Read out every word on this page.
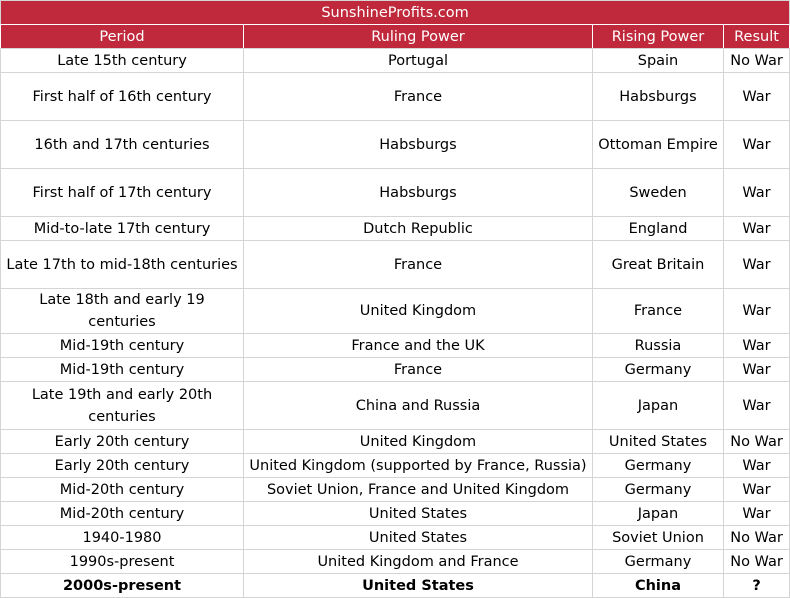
SunshineProfits.com			
Period	Ruling Power	Rising Power	Result
Late 15th century	Portugal	Spain	No War
First half of 16th century	France	Habsburgs	War
16th and 17th centuries	Habsburgs	Ottoman Empire	War
First half of 17th century	Habsburgs	Sweden	War
Mid-to-late 17th century	Dutch Republic	England	War
Late 17th to mid-18th centuries	France	Great Britain	War
Late 18th and early 19 centuries	United Kingdom	France	War
Mid-19th century	France and the UK	Russia	War
Mid-19th century	France	Germany	War
Late 19th and early 20th centuries	China and Russia	Japan	War
Early 20th century	United Kingdom	United States	No War
Early 20th century	United Kingdom (supported by France, Russia)	Germany	War
Mid-20th century	Soviet Union, France and United Kingdom	Germany	War
Mid-20th century	United States	Japan	War
1940-1980	United States	Soviet Union	No War
1990s-present	United Kingdom and France	Germany	No War
2000s-present	United States	China	?
